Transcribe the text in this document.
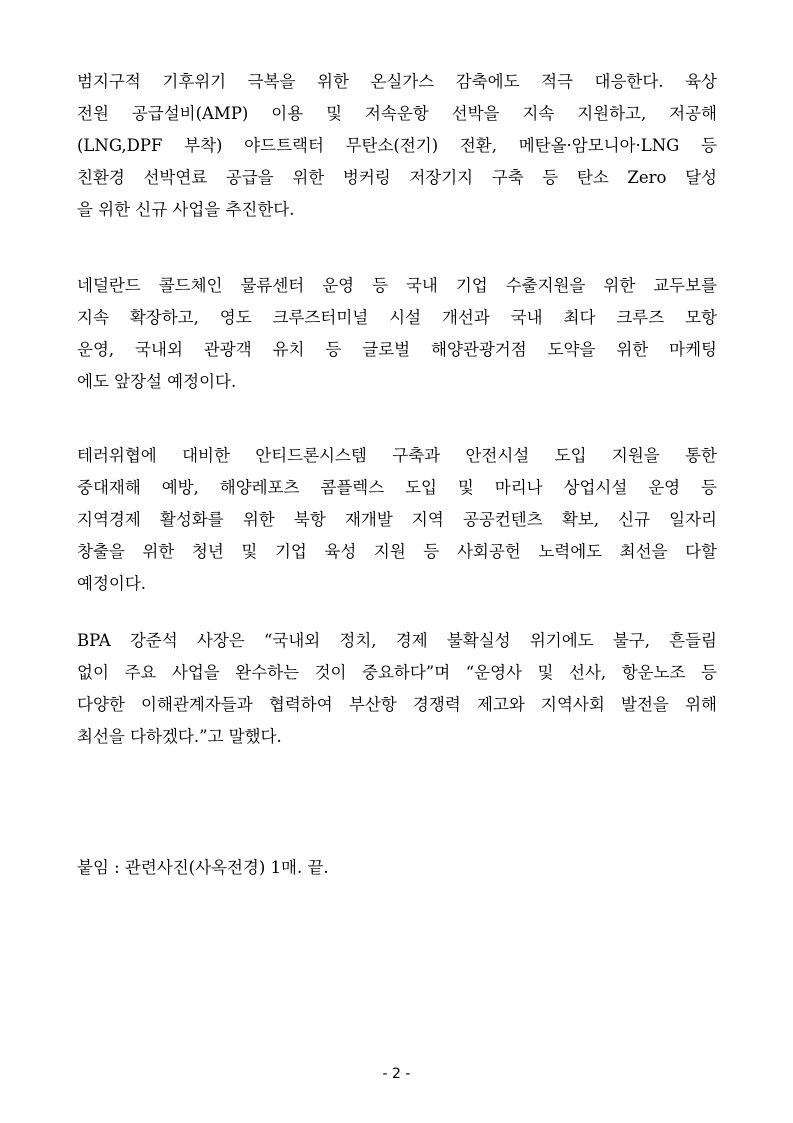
범지구적 기후위기 극복을 위한 온실가스 감축에도 적극 대응한다. 육상
전원 공급설비(AMP) 이용 및 저속운항 선박을 지속 지원하고, 저공해
(LNG,DPF 부착) 야드트랙터 무탄소(전기) 전환, 메탄올·암모니아·LNG 등
친환경 선박연료 공급을 위한 벙커링 저장기지 구축 등 탄소 Zero 달성
을 위한 신규 사업을 추진한다.
네덜란드 콜드체인 물류센터 운영 등 국내 기업 수출지원을 위한 교두보를
지속 확장하고, 영도 크루즈터미널 시설 개선과 국내 최다 크루즈 모항
운영, 국내외 관광객 유치 등 글로벌 해양관광거점 도약을 위한 마케팅
에도 앞장설 예정이다.
테러위협에 대비한 안티드론시스템 구축과 안전시설 도입 지원을 통한
중대재해 예방, 해양레포츠 콤플렉스 도입 및 마리나 상업시설 운영 등
지역경제 활성화를 위한 북항 재개발 지역 공공컨텐츠 확보, 신규 일자리
창출을 위한 청년 및 기업 육성 지원 등 사회공헌 노력에도 최선을 다할
예정이다.
BPA 강준석 사장은 “국내외 정치, 경제 불확실성 위기에도 불구, 흔들림
없이 주요 사업을 완수하는 것이 중요하다”며 “운영사 및 선사, 항운노조 등
다양한 이해관계자들과 협력하여 부산항 경쟁력 제고와 지역사회 발전을 위해
최선을 다하겠다.”고 말했다.

붙임 : 관련사진(사옥전경) 1매. 끝.

- 2 -
